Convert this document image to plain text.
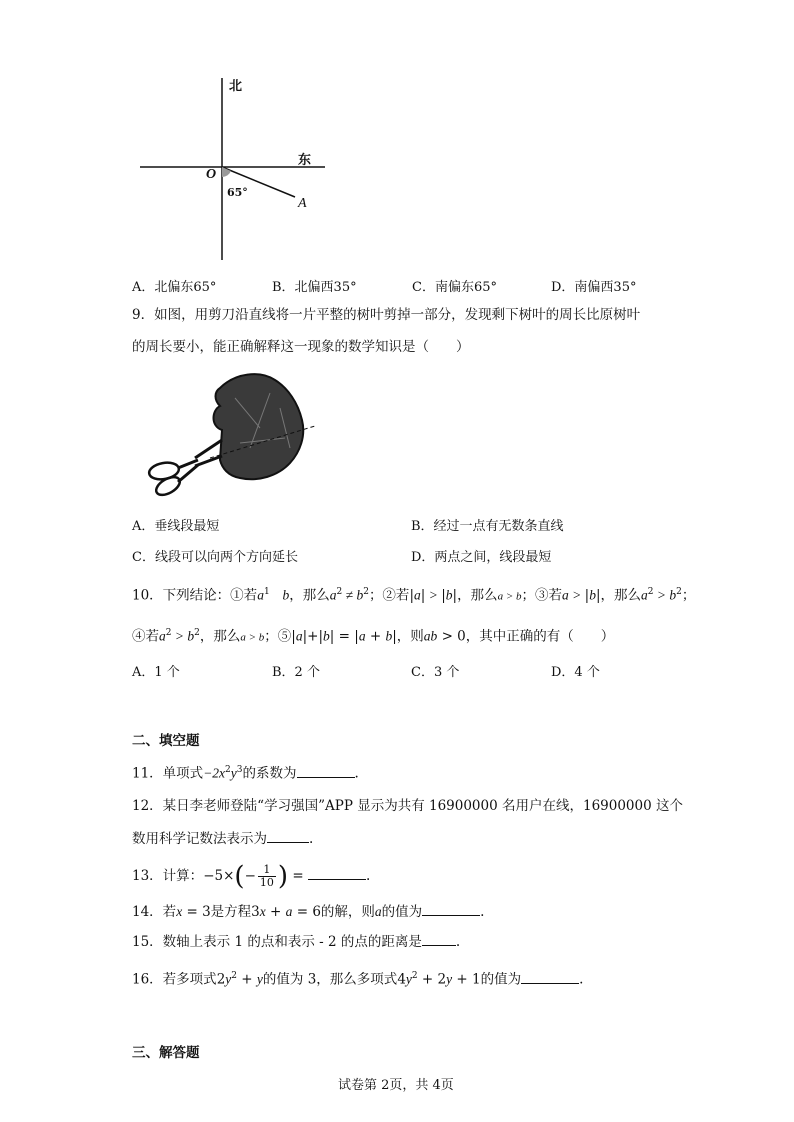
北
东
O
65°
A
A．北偏东65°	B．北偏西35°	C．南偏东65°	D．南偏西35°
9．如图，用剪刀沿直线将一片平整的树叶剪掉一部分，发现剩下树叶的周长比原树叶
的周长要小，能正确解释这一现象的数学知识是（　　）
A．垂线段最短	B．经过一点有无数条直线
C．线段可以向两个方向延长	D．两点之间，线段最短
10．下列结论：①若$a^1$ b，那么$a^2 \ne b^2$；②若|a| > |b|，那么a > b；③若a > |b|，那么$a^2 > b^2$；
④若$a^2 > b^2$，那么a > b；⑤|a|+|b| = |a + b|，则ab > 0，其中正确的有（　　）
A．1 个	B．2 个	C．3 个	D．4 个
二、填空题
11．单项式$-2x^2y^3$的系数为	.
12．某日李老师登陆“学习强国”APP 显示为共有 16900000 名用户在线，16900000 这个
数用科学记数法表示为	.
13．计算：$-5\times(- \frac{1}{10}$ ) =	.
14．若x = 3是方程3x + a = 6的解，则a的值为	.
15．数轴上表示 1 的点和表示 - 2 的点的距离是	.
16．若多项式$2y^2 + y$的值为 3，那么多项式$4y^2 + 2y + 1$的值为	.
三、解答题
试卷第 2页，共 4页
